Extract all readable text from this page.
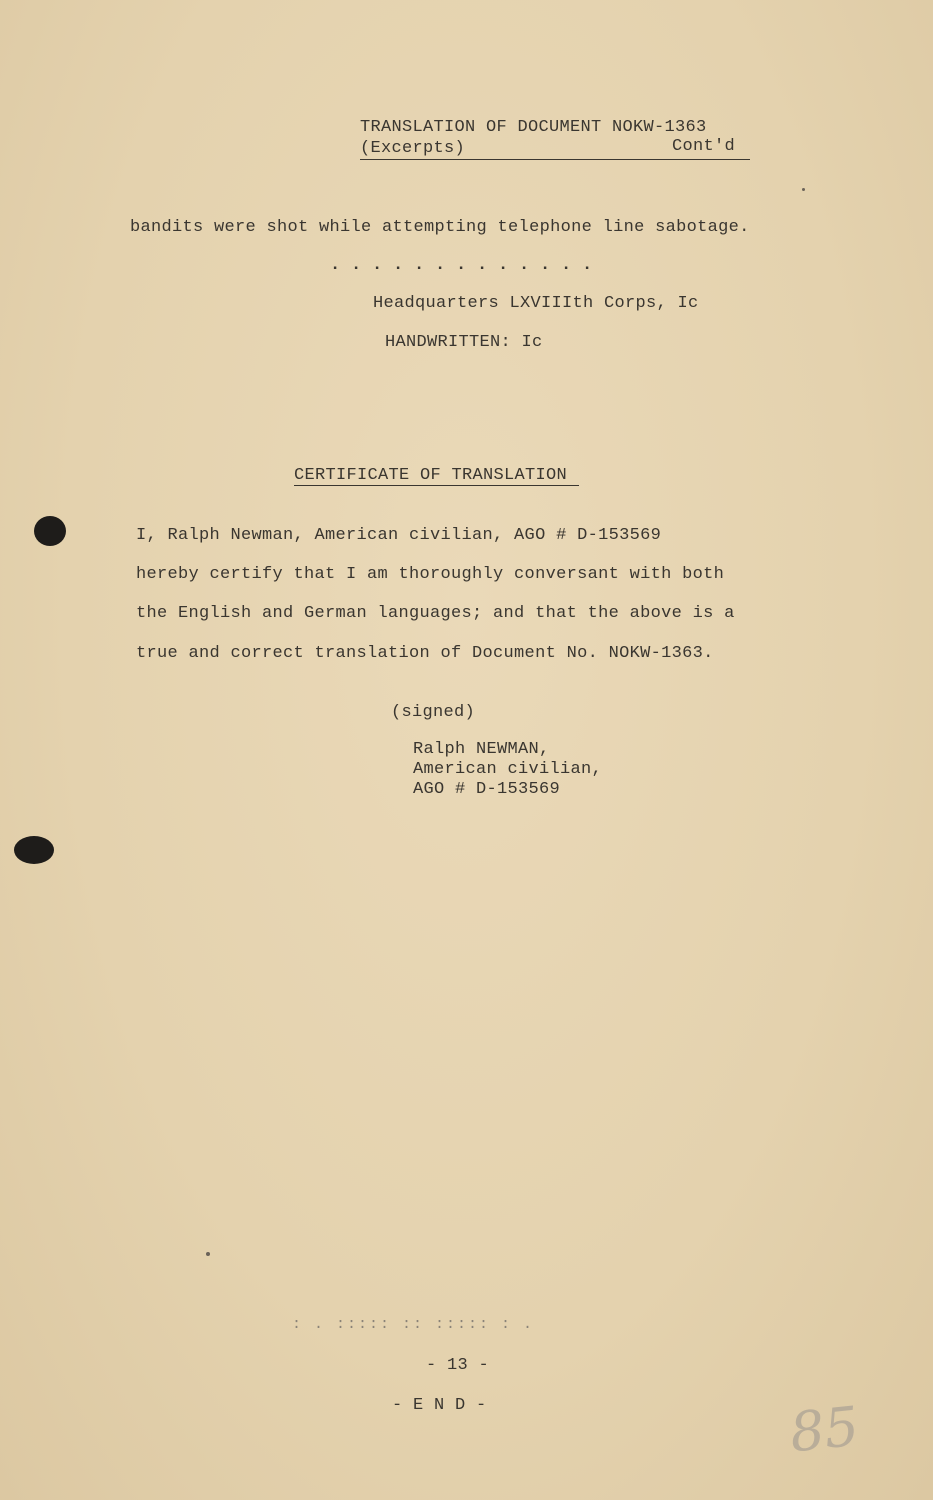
TRANSLATION OF DOCUMENT NOKW-1363
(Excerpts)	Cont'd
bandits were shot while attempting telephone line sabotage.
. . . . . . . . . . . . .
Headquarters LXVIIIth Corps, Ic
HANDWRITTEN: Ic
CERTIFICATE OF TRANSLATION
I, Ralph Newman, American civilian, AGO # D-153569
hereby certify that I am thoroughly conversant with both
the English and German languages; and that the above is a
true and correct translation of Document No. NOKW-1363.
(signed)
Ralph NEWMAN,
American civilian,
AGO # D-153569
: . ::::: :: ::::: : .
- 13 -
- E N D -	85
